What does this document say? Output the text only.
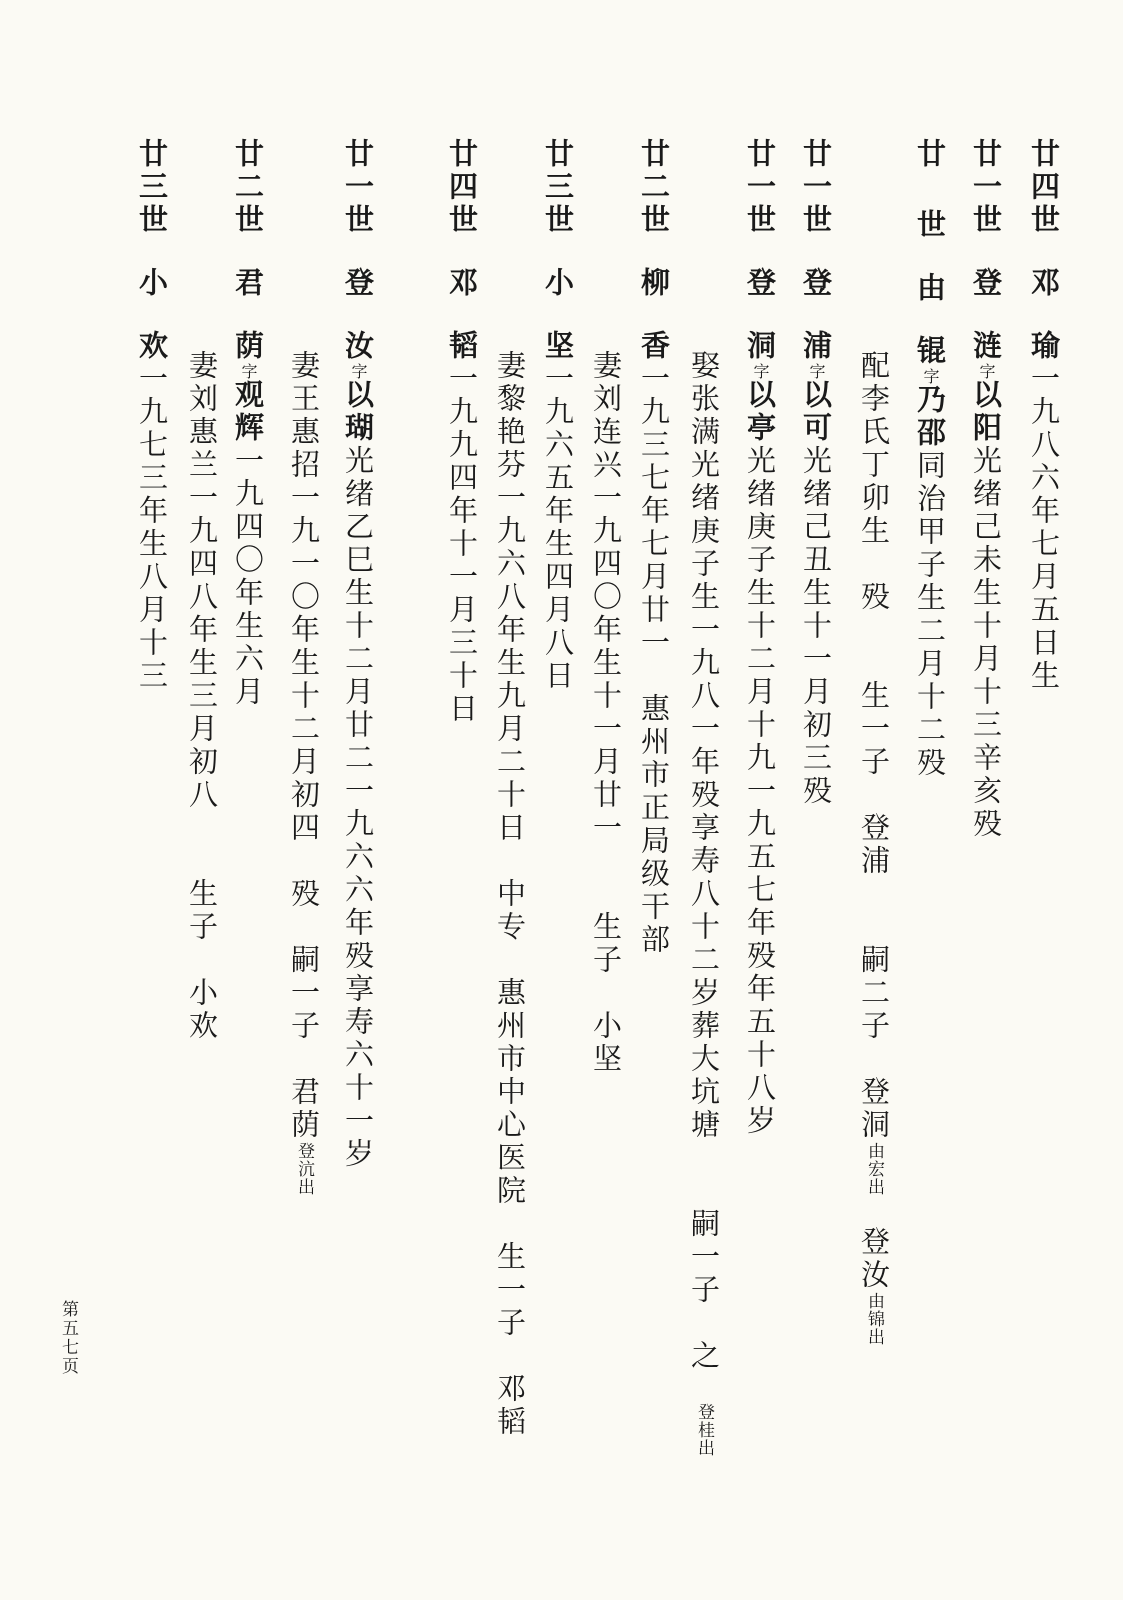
廿四世邓瑜一九八六年七月五日生
廿一世登涟字以阳光绪己未生十月十三辛亥殁
廿 世由锟字乃邵同治甲子生二月十二殁
配李氏丁卯生　殁　　生一子　登浦　　嗣二子　登洞由宏出登汝由锦出
廿一世登浦字以可光绪己丑生十一月初三殁
廿一世登洞字以亭光绪庚子生十二月十九一九五七年殁年五十八岁
娶张满光绪庚子生一九八一年殁享寿八十二岁葬大坑塘　　嗣一子　之登桂出
廿二世柳香一九三七年七月廿一　惠州市正局级干部
妻刘连兴一九四〇年生十一月廿一　　生子　小坚
廿三世小坚一九六五年生四月八日
妻黎艳芬一九六八年生九月二十日　中专　惠州市中心医院　生一子　邓韬
廿四世邓韬一九九四年十一月三十日
廿一世登汝字以瑚光绪乙巳生十二月廿二一九六六年殁享寿六十一岁
妻王惠招一九一〇年生十二月初四　殁　嗣一子　君荫登沆出
廿二世君荫字观辉一九四〇年生六月
妻刘惠兰一九四八年生三月初八　　生子　小欢
廿三世小欢一九七三年生八月十三
第五七页
